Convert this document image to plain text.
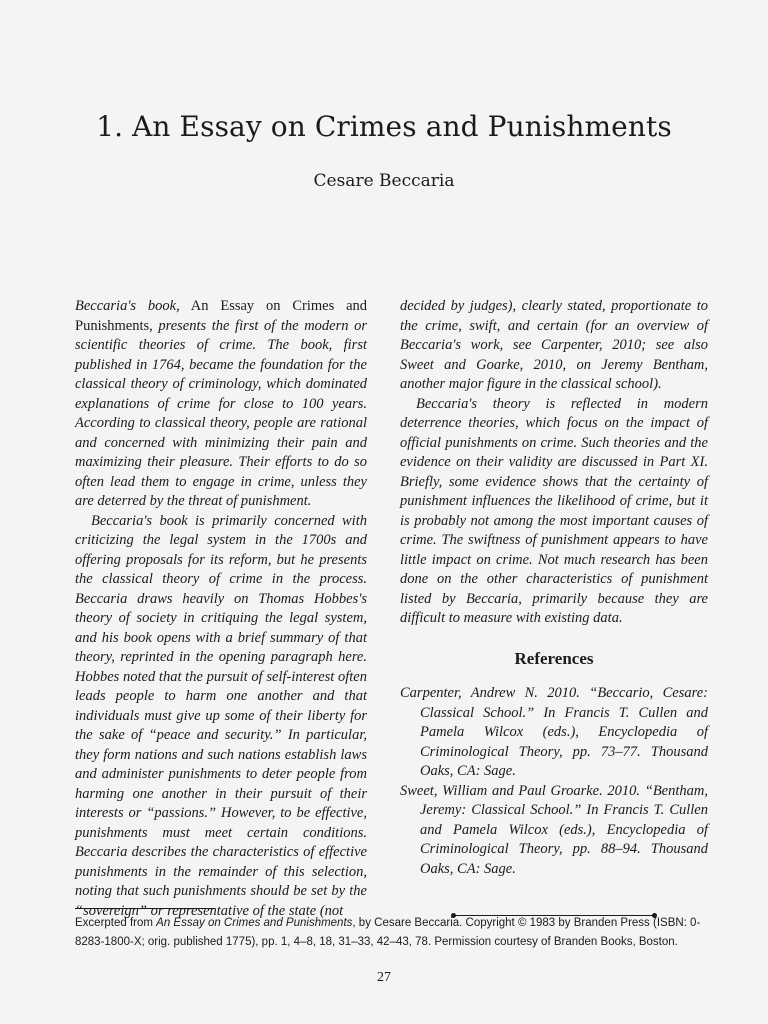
1. An Essay on Crimes and Punishments

Cesare Beccaria

Beccaria's book, An Essay on Crimes and Punishments, presents the first of the modern or scientific theories of crime. The book, first published in 1764, became the foundation for the classical theory of criminology, which dominated explanations of crime for close to 100 years. According to classical theory, people are rational and concerned with minimizing their pain and maximizing their pleasure. Their efforts to do so often lead them to engage in crime, unless they are deterred by the threat of punishment.

Beccaria's book is primarily concerned with criticizing the legal system in the 1700s and offering proposals for its reform, but he presents the classical theory of crime in the process. Beccaria draws heavily on Thomas Hobbes's theory of society in critiquing the legal system, and his book opens with a brief summary of that theory, reprinted in the opening paragraph here. Hobbes noted that the pursuit of self-interest often leads people to harm one another and that individuals must give up some of their liberty for the sake of “peace and security.” In particular, they form nations and such nations establish laws and administer punishments to deter people from harming one another in their pursuit of their interests or “passions.” However, to be effective, punishments must meet certain conditions. Beccaria describes the characteristics of effective punishments in the remainder of this selection, noting that such punishments should be set by the “sovereign” or representative of the state (not

decided by judges), clearly stated, proportionate to the crime, swift, and certain (for an overview of Beccaria's work, see Carpenter, 2010; see also Sweet and Goarke, 2010, on Jeremy Bentham, another major figure in the classical school).

Beccaria's theory is reflected in modern deterrence theories, which focus on the impact of official punishments on crime. Such theories and the evidence on their validity are discussed in Part XI. Briefly, some evidence shows that the certainty of punishment influences the likelihood of crime, but it is probably not among the most important causes of crime. The swiftness of punishment appears to have little impact on crime. Not much research has been done on the other characteristics of punishment listed by Beccaria, primarily because they are difficult to measure with existing data.

References

Carpenter, Andrew N. 2010. “Beccario, Cesare: Classical School.” In Francis T. Cullen and Pamela Wilcox (eds.), Encyclopedia of Criminological Theory, pp. 73–77. Thousand Oaks, CA: Sage.

Sweet, William and Paul Groarke. 2010. “Bentham, Jeremy: Classical School.” In Francis T. Cullen and Pamela Wilcox (eds.), Encyclopedia of Criminological Theory, pp. 88–94. Thousand Oaks, CA: Sage.

Excerpted from An Essay on Crimes and Punishments, by Cesare Beccaria. Copyright © 1983 by Branden Press (ISBN: 0-8283-1800-X; orig. published 1775), pp. 1, 4–8, 18, 31–33, 42–43, 78. Permission courtesy of Branden Books, Boston.

27
